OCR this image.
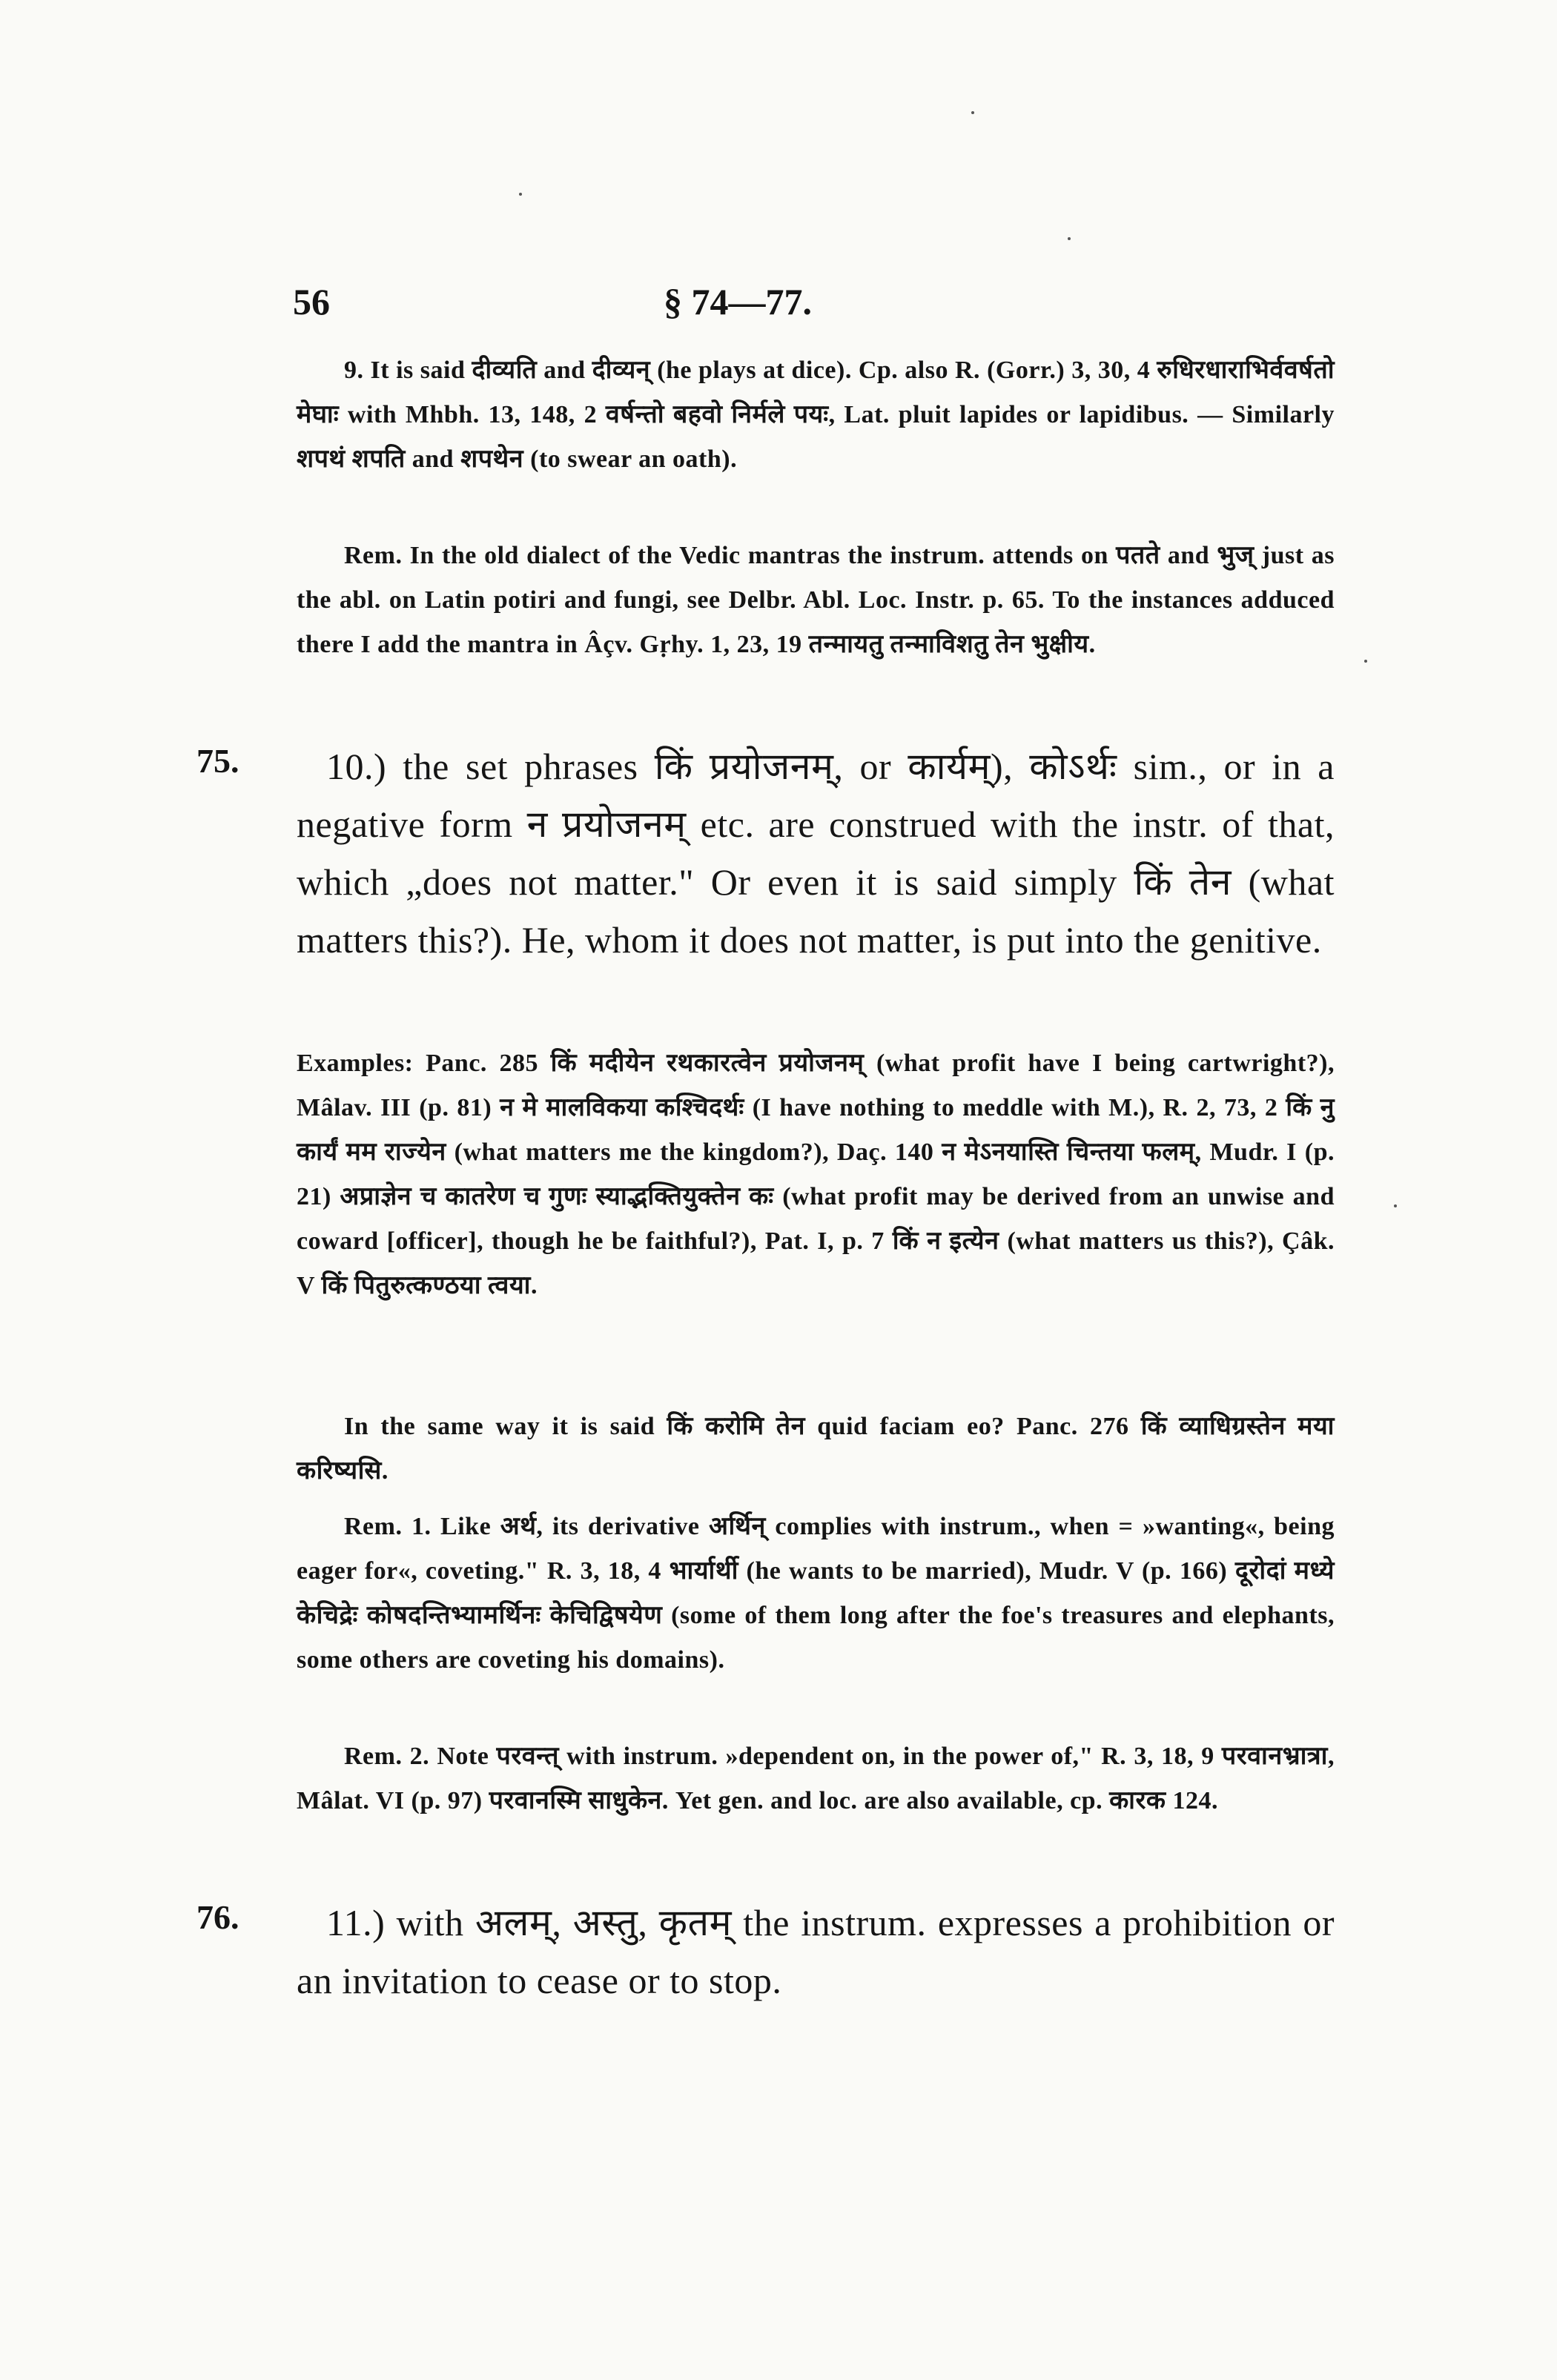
56	§ 74—77.

9. It is said दीव्यति and दीव्यन् (he plays at dice). Cp. also R. (Gorr.) 3, 30, 4 रुधिरधाराभिर्ववर्षतो मेघाः with Mhbh. 13, 148, 2 वर्षन्तो बहवो निर्मले पयः, Lat. pluit lapides or lapidibus. — Similarly शपथं शपति and शपथेन (to swear an oath).

Rem. In the old dialect of the Vedic mantras the instrum. attends on पतते and भुज् just as the abl. on Latin potiri and fungi, see Delbr. Abl. Loc. Instr. p. 65. To the instances adduced there I add the mantra in Âçv. Gṛhy. 1, 23, 19 तन्मायतु तन्माविशतु तेन भुक्षीय.

75.	10.) the set phrases किं प्रयोजनम्, or कार्यम्), कोऽर्थः sim., or in a negative form न प्रयोजनम् etc. are construed with the instr. of that, which „does not matter." Or even it is said simply किं तेन (what matters this?). He, whom it does not matter, is put into the genitive.

Examples: Panc. 285 किं मदीयेन रथकारत्वेन प्रयोजनम् (what profit have I being cartwright?), Mâlav. III (p. 81) न मे मालविकया कश्चिदर्थः (I have nothing to meddle with M.), R. 2, 73, 2 किं नु कार्यं मम राज्येन (what matters me the kingdom?), Daç. 140 न मेऽनयास्ति चिन्तया फलम्, Mudr. I (p. 21) अप्राज्ञेन च कातरेण च गुणः स्याद्भक्तियुक्तेन कः (what profit may be derived from an unwise and coward [officer], though he be faithful?), Pat. I, p. 7 किं न इत्येन (what matters us this?), Çâk. V किं पितुरुत्कण्ठया त्वया.

In the same way it is said किं करोमि तेन quid faciam eo? Panc. 276 किं व्याधिग्रस्तेन मया करिष्यसि.

Rem. 1. Like अर्थ, its derivative अर्थिन् complies with instrum., when = »wanting«, being eager for«, coveting." R. 3, 18, 4 भार्यार्थी (he wants to be married), Mudr. V (p. 166) दूरोदां मध्ये केचिद्रेः कोषदन्तिभ्यामर्थिनः केचिद्विषयेण (some of them long after the foe's treasures and elephants, some others are coveting his domains).

Rem. 2. Note परवन्त् with instrum. »dependent on, in the power of," R. 3, 18, 9 परवानभ्रात्रा, Mâlat. VI (p. 97) परवानस्मि साधुकेन. Yet gen. and loc. are also available, cp. कारक 124.

76.	11.) with अलम्, अस्तु, कृतम् the instrum. expresses a prohibition or an invitation to cease or to stop.
